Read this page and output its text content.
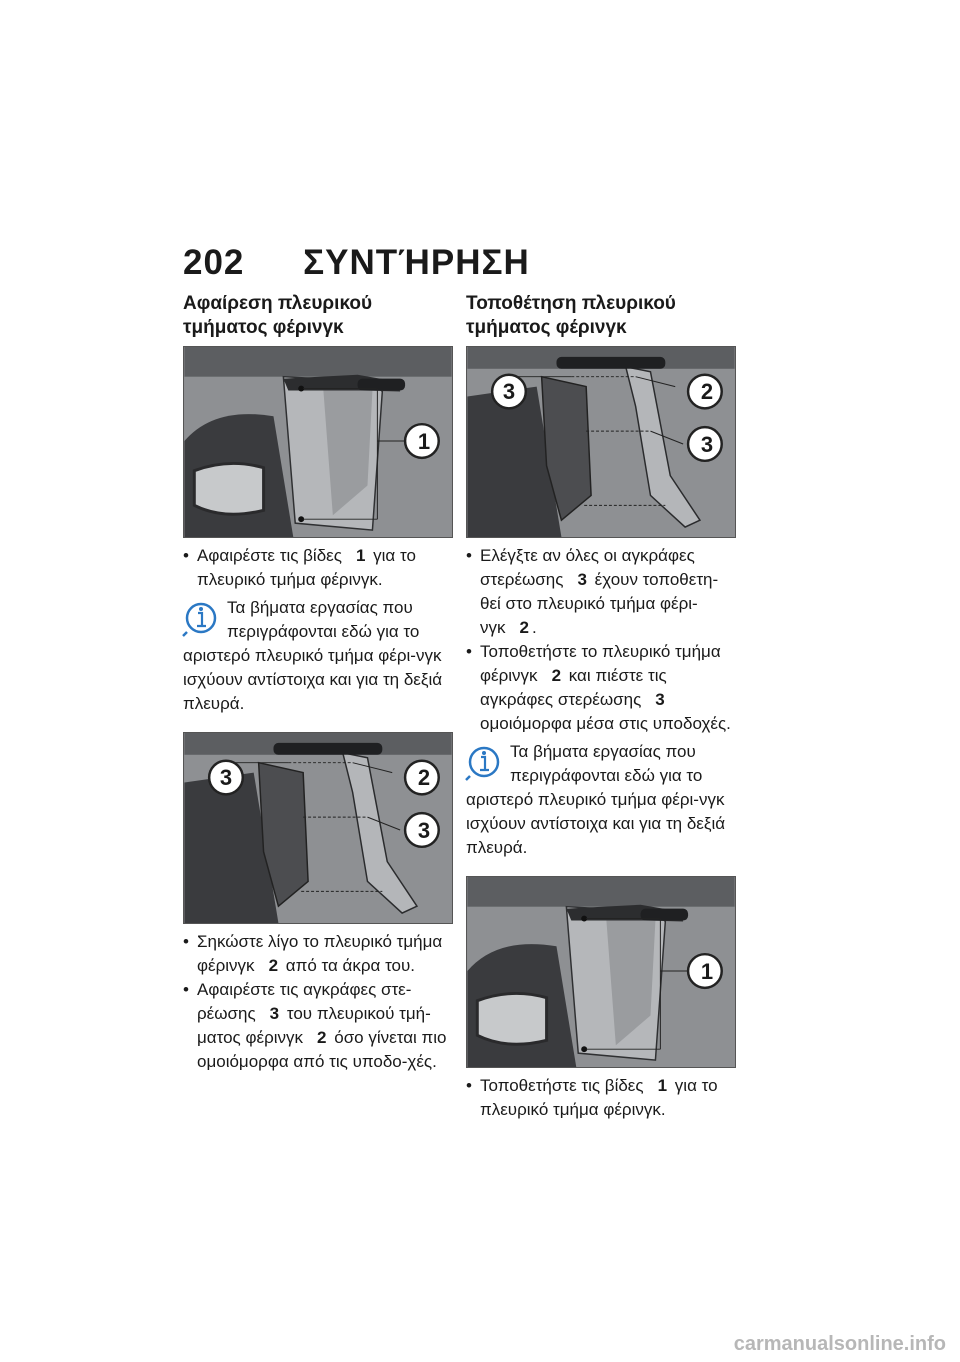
202 ΣΥΝΤΉΡΗΣΗ
Αφαίρεση πλευρικού τμήματος φέρινγκ
1

• Αφαιρέστε τις βίδες 1 για το πλευρικό τμήμα φέρινγκ.

Τα βήματα εργασίας που περιγράφονται εδώ για το αριστερό πλευρικό τμήμα φέρι-νγκ ισχύουν αντίστοιχα και για τη δεξιά πλευρά.
3	2
3

• Σηκώστε λίγο το πλευρικό τμήμα φέρινγκ 2 από τα άκρα του.

• Αφαιρέστε τις αγκράφες στε-ρέωσης 3 του πλευρικού τμή-ματος φέρινγκ 2 όσο γίνεται πιο ομοιόμορφα από τις υποδο-χές.

Τοποθέτηση πλευρικού τμήματος φέρινγκ
3	2
3

• Ελέγξτε αν όλες οι αγκράφες στερέωσης 3 έχουν τοποθετη-θεί στο πλευρικό τμήμα φέρι-νγκ 2 .

• Τοποθετήστε το πλευρικό τμήμα φέρινγκ 2 και πιέστε τις αγκράφες στερέωσης 3 ομοιόμορφα μέσα στις υποδοχές.

Τα βήματα εργασίας που περιγράφονται εδώ για το αριστερό πλευρικό τμήμα φέρι-νγκ ισχύουν αντίστοιχα και για τη δεξιά πλευρά.
1

• Τοποθετήστε τις βίδες 1 για το πλευρικό τμήμα φέρινγκ.

carmanualsonline.info
